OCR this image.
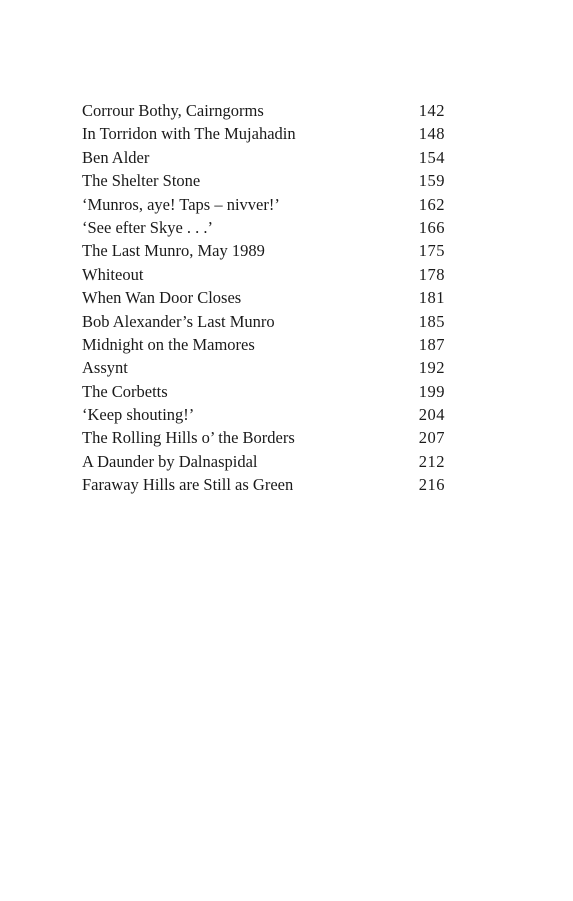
Corrour Bothy, Cairngorms	142
In Torridon with The Mujahadin	148
Ben Alder	154
The Shelter Stone	159
‘Munros, aye! Taps – nivver!’	162
‘See efter Skye . . .’	166
The Last Munro, May 1989	175
Whiteout	178
When Wan Door Closes	181
Bob Alexander’s Last Munro	185
Midnight on the Mamores	187
Assynt	192
The Corbetts	199
‘Keep shouting!’	204
The Rolling Hills o’ the Borders	207
A Daunder by Dalnaspidal	212
Faraway Hills are Still as Green	216
